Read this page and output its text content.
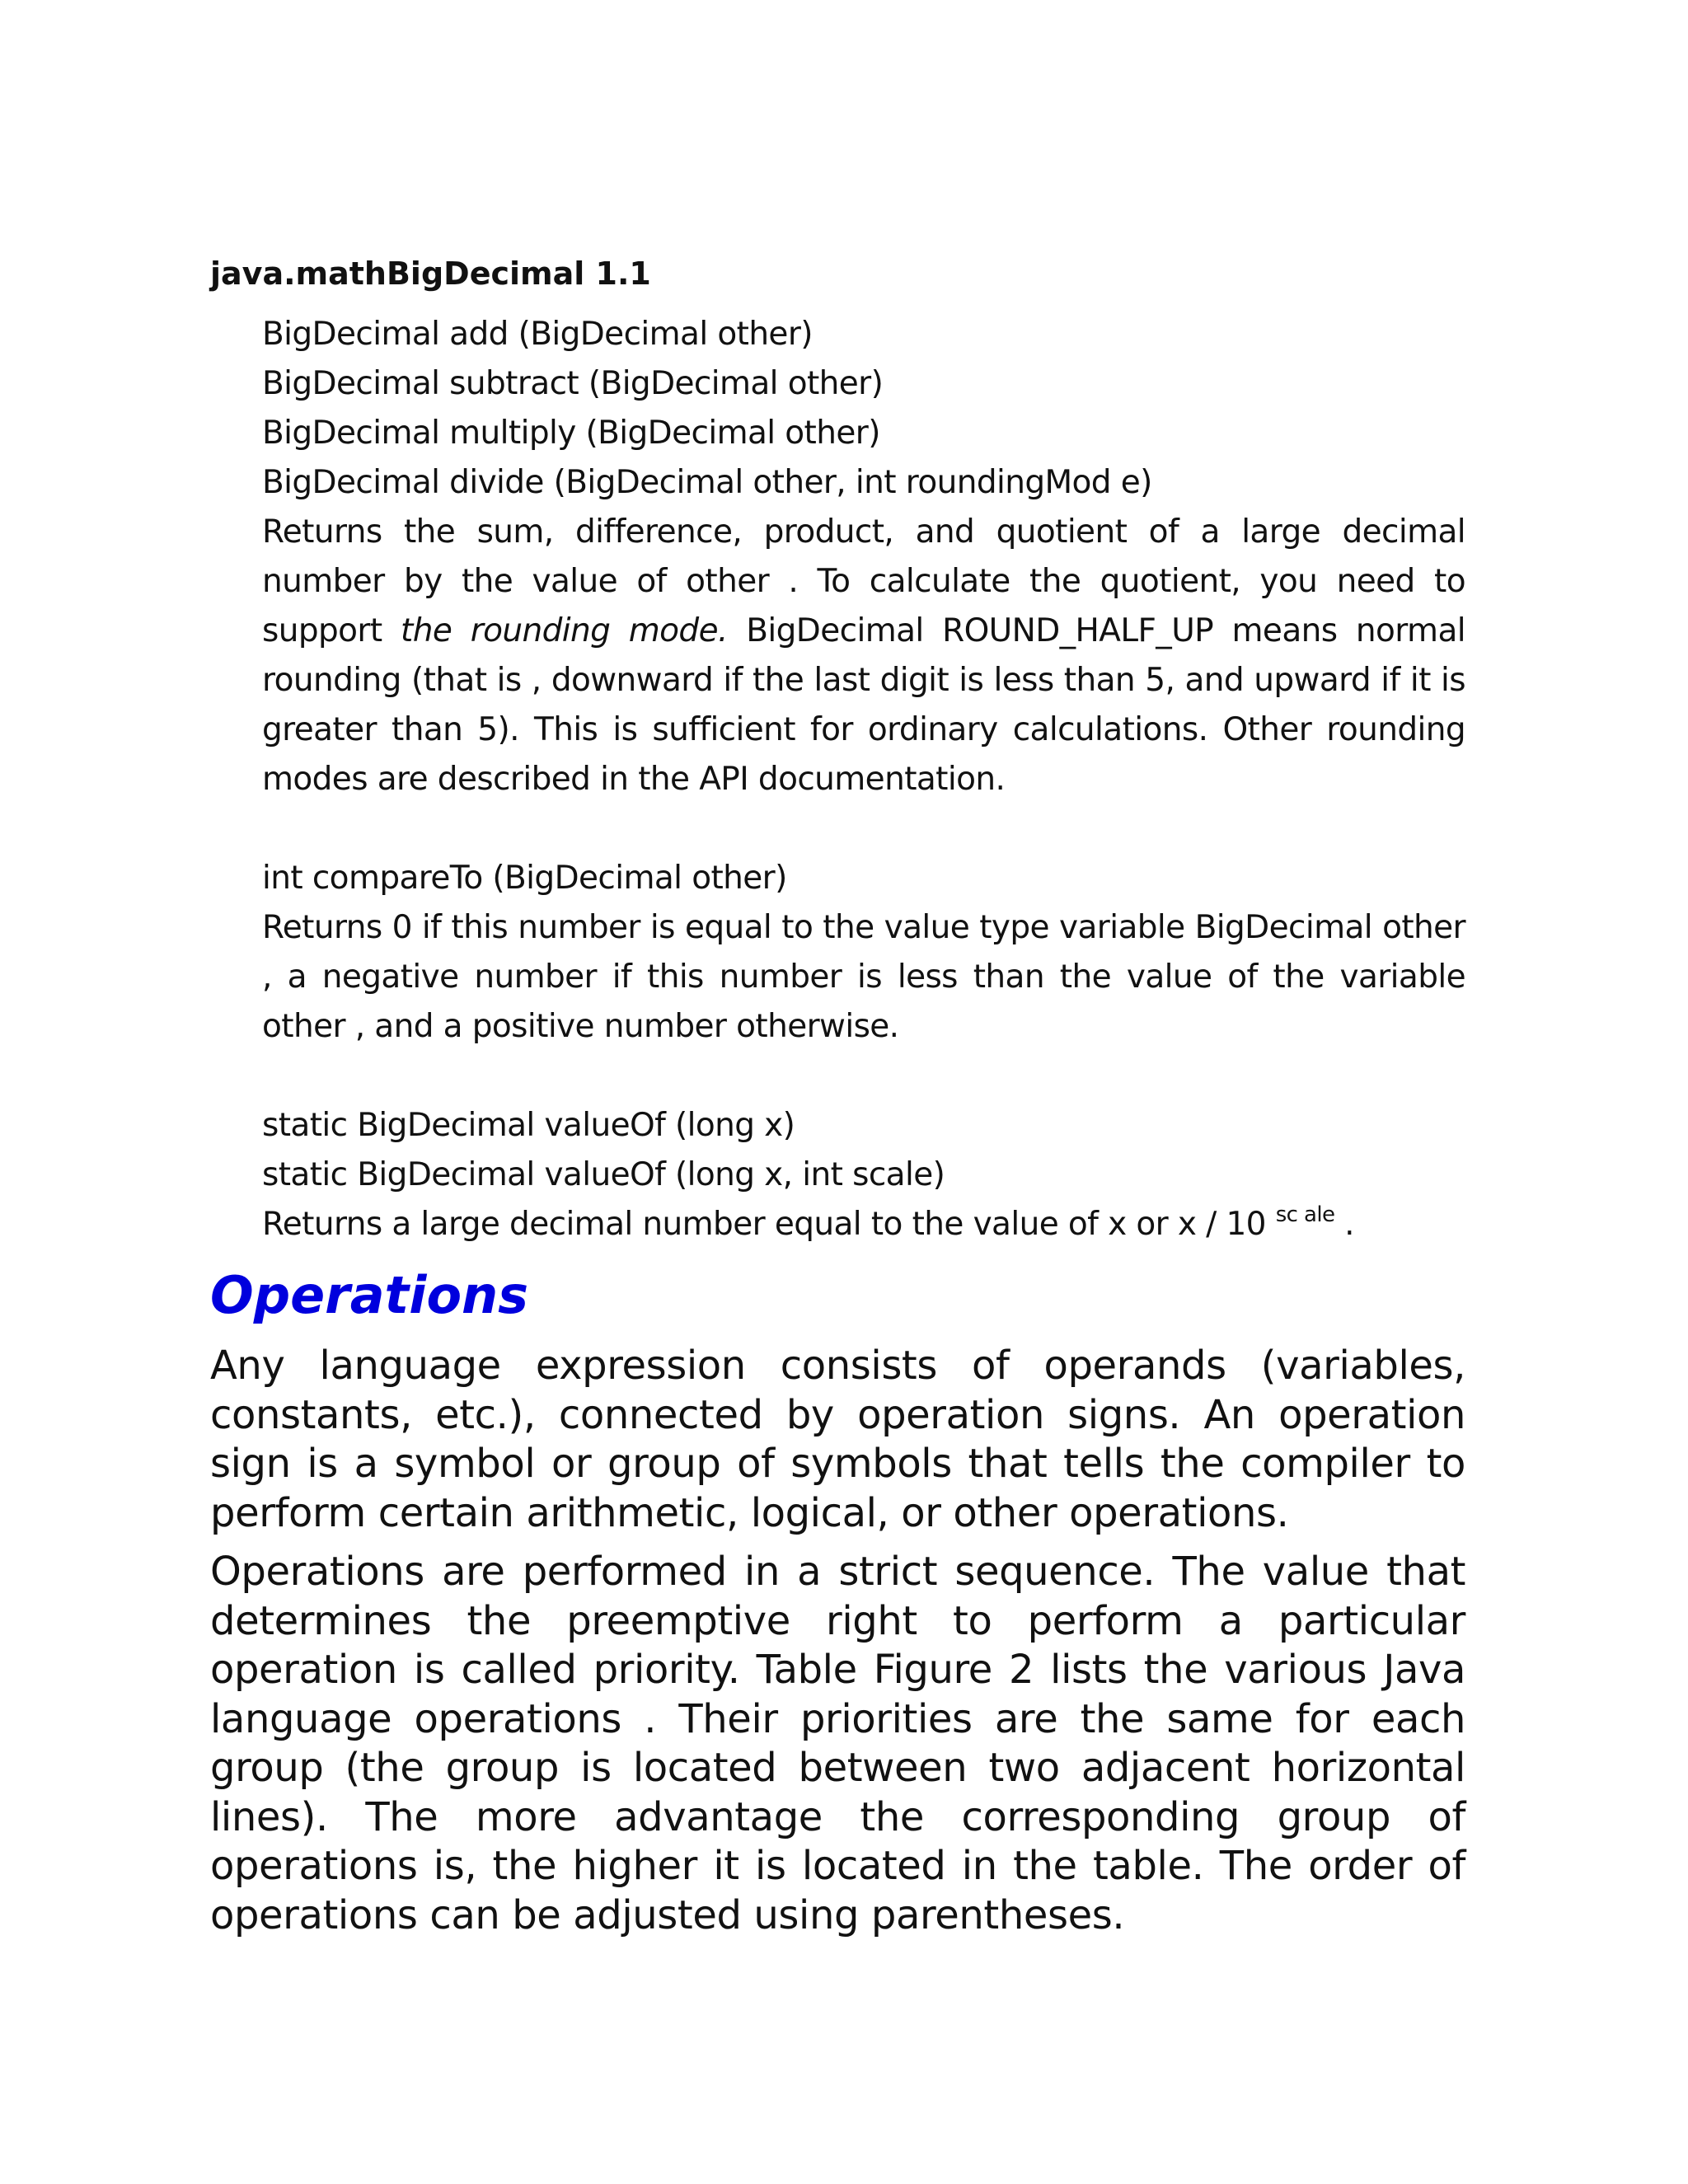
java.mathBigDecimal 1.1

BigDecimal add (BigDecimal other)

BigDecimal subtract (BigDecimal other)

BigDecimal multiply (BigDecimal other)

BigDecimal divide (BigDecimal other, int roundingMod e)

Returns the sum, difference, product, and quotient of a large decimal number by the value of other . To calculate the quotient, you need to support the rounding mode. BigDecimal ROUND_HALF_UP means normal rounding (that is , downward if the last digit is less than 5, and upward if it is greater than 5). This is sufficient for ordinary calculations. Other rounding modes are described in the API documentation.

int compareTo (BigDecimal other)

Returns 0 if this number is equal to the value type variable BigDecimal other , a negative number if this number is less than the value of the variable other , and a positive number otherwise.

static BigDecimal valueOf (long x)

static BigDecimal valueOf (long x, int scale)

Returns a large decimal number equal to the value of x or x / 10 $^{sc ale}$ .

Operations

Any language expression consists of operands (variables, constants, etc.), connected by operation signs. An operation sign is a symbol or group of symbols that tells the compiler to perform certain arithmetic, logical, or other operations.

Operations are performed in a strict sequence. The value that determines the preemptive right to perform a particular operation is called priority. Table Figure 2 lists the various Java language operations . Their priorities are the same for each group (the group is located between two adjacent horizontal lines). The more advantage the corresponding group of operations is, the higher it is located in the table. The order of operations can be adjusted using parentheses.
